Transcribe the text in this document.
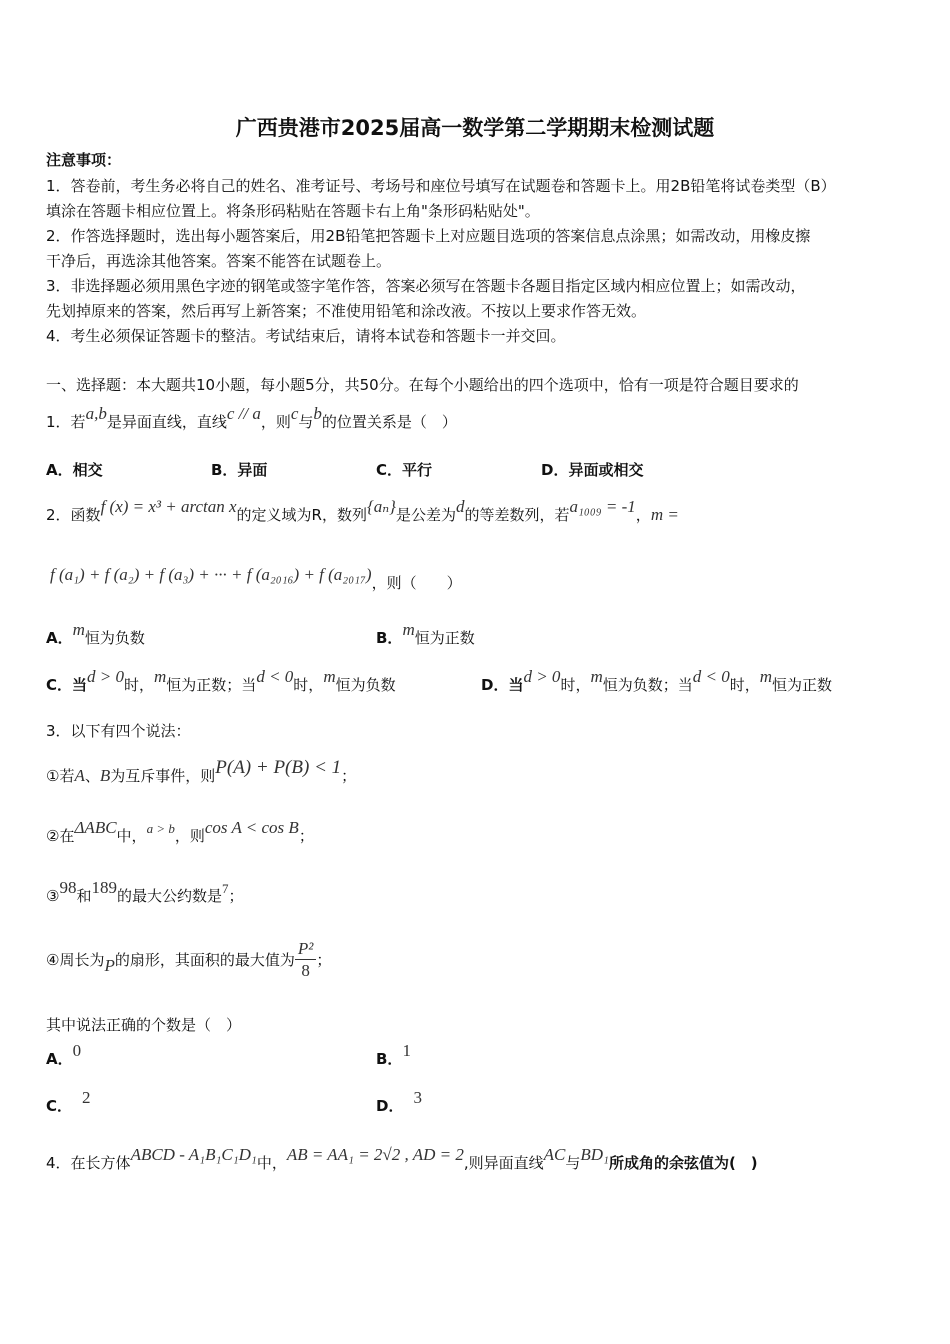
广西贵港市2025届高一数学第二学期期末检测试题
注意事项：
1．答卷前，考生务必将自己的姓名、准考证号、考场号和座位号填写在试题卷和答题卡上。用2B铅笔将试卷类型（B）
填涂在答题卡相应位置上。将条形码粘贴在答题卡右上角"条形码粘贴处"。
2．作答选择题时，选出每小题答案后，用2B铅笔把答题卡上对应题目选项的答案信息点涂黑；如需改动，用橡皮擦
干净后，再选涂其他答案。答案不能答在试题卷上。
3．非选择题必须用黑色字迹的钢笔或签字笔作答，答案必须写在答题卡各题目指定区域内相应位置上；如需改动，
先划掉原来的答案，然后再写上新答案；不准使用铅笔和涂改液。不按以上要求作答无效。
4．考生必须保证答题卡的整洁。考试结束后，请将本试卷和答题卡一并交回。
一、选择题：本大题共10小题，每小题5分，共50分。在每个小题给出的四个选项中，恰有一项是符合题目要求的
1．若a,b是异面直线，直线c // a，则c与b的位置关系是（　）
A．相交	B．异面	C．平行	D．异面或相交
2．函数f (x) = x³ + arctan x的定义域为R，数列{aₙ}是公差为d的等差数列，若a₁₀₀₉ = -1，m =
f (a₁) + f (a₂) + f (a₃) + ··· + f (a₂₀₁₆) + f (a₂₀₁₇)，则（　　）
A．m恒为负数	B．m恒为正数
C．当d > 0时，m恒为正数；当d < 0时，m恒为负数	D．当d > 0时，m恒为负数；当d < 0时，m恒为正数
3．以下有四个说法：
①若A、B为互斥事件，则P(A) + P(B) < 1；
②在ΔABC中，a > b，则cos A < cos B；
③98和189的最大公约数是7；
④周长为P的扇形，其面积的最大值为 $\frac{\text{P²}}{8}$ ；
其中说法正确的个数是（　）
A．0	B．1
C． 2	D． 3
4．在长方体ABCD - A₁B₁C₁D₁中，AB = AA₁ = 2√2 , AD = 2,则异面直线AC与BD₁所成角的余弦值为(　)
